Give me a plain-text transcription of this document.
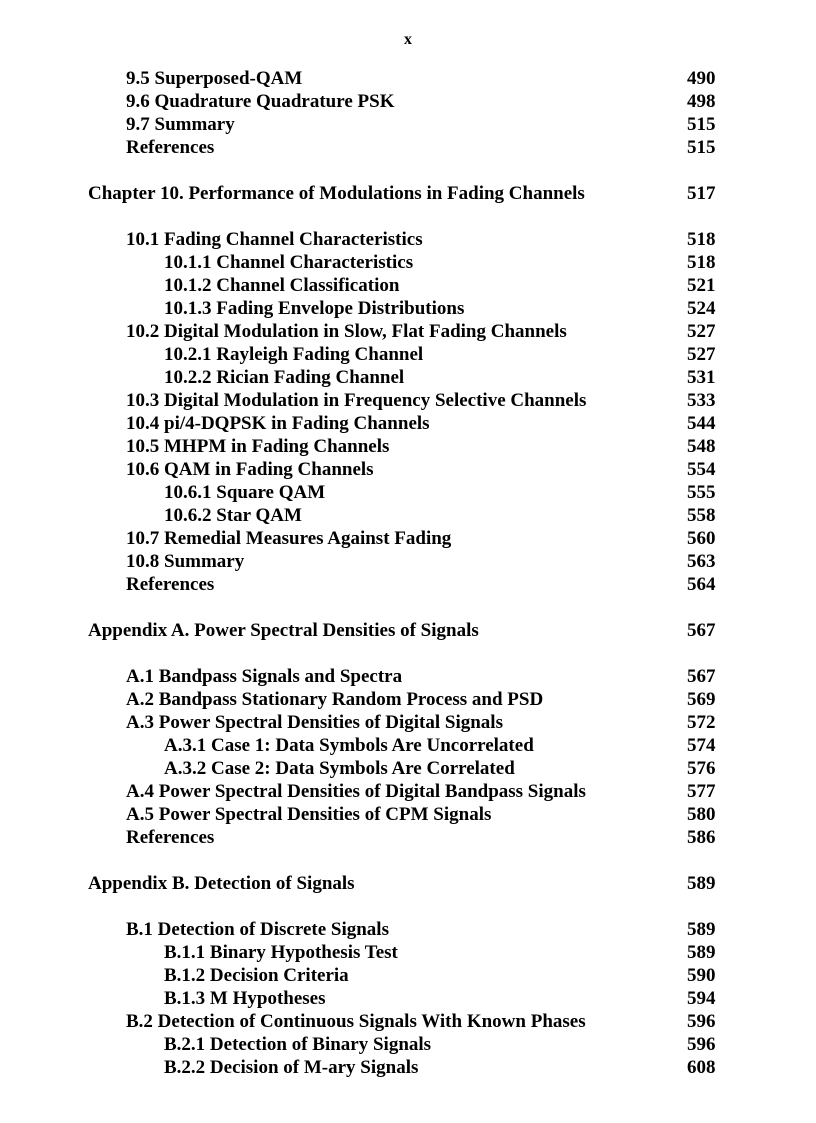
x
9.5 Superposed-QAM	490
9.6 Quadrature Quadrature PSK	498
9.7 Summary	515
References	515
Chapter 10. Performance of Modulations in Fading Channels	517
10.1 Fading Channel Characteristics	518
10.1.1 Channel Characteristics	518
10.1.2 Channel Classification	521
10.1.3 Fading Envelope Distributions	524
10.2 Digital Modulation in Slow, Flat Fading Channels	527
10.2.1 Rayleigh Fading Channel	527
10.2.2 Rician Fading Channel	531
10.3 Digital Modulation in Frequency Selective Channels	533
10.4 pi/4-DQPSK in Fading Channels	544
10.5 MHPM in Fading Channels	548
10.6 QAM in Fading Channels	554
10.6.1 Square QAM	555
10.6.2 Star QAM	558
10.7 Remedial Measures Against Fading	560
10.8 Summary	563
References	564
Appendix A. Power Spectral Densities of Signals	567
A.1 Bandpass Signals and Spectra	567
A.2 Bandpass Stationary Random Process and PSD	569
A.3 Power Spectral Densities of Digital Signals	572
A.3.1 Case 1: Data Symbols Are Uncorrelated	574
A.3.2 Case 2: Data Symbols Are Correlated	576
A.4 Power Spectral Densities of Digital Bandpass Signals	577
A.5 Power Spectral Densities of CPM Signals	580
References	586
Appendix B. Detection of Signals	589
B.1 Detection of Discrete Signals	589
B.1.1 Binary Hypothesis Test	589
B.1.2 Decision Criteria	590
B.1.3 M Hypotheses	594
B.2 Detection of Continuous Signals With Known Phases	596
B.2.1 Detection of Binary Signals	596
B.2.2 Decision of M-ary Signals	608
